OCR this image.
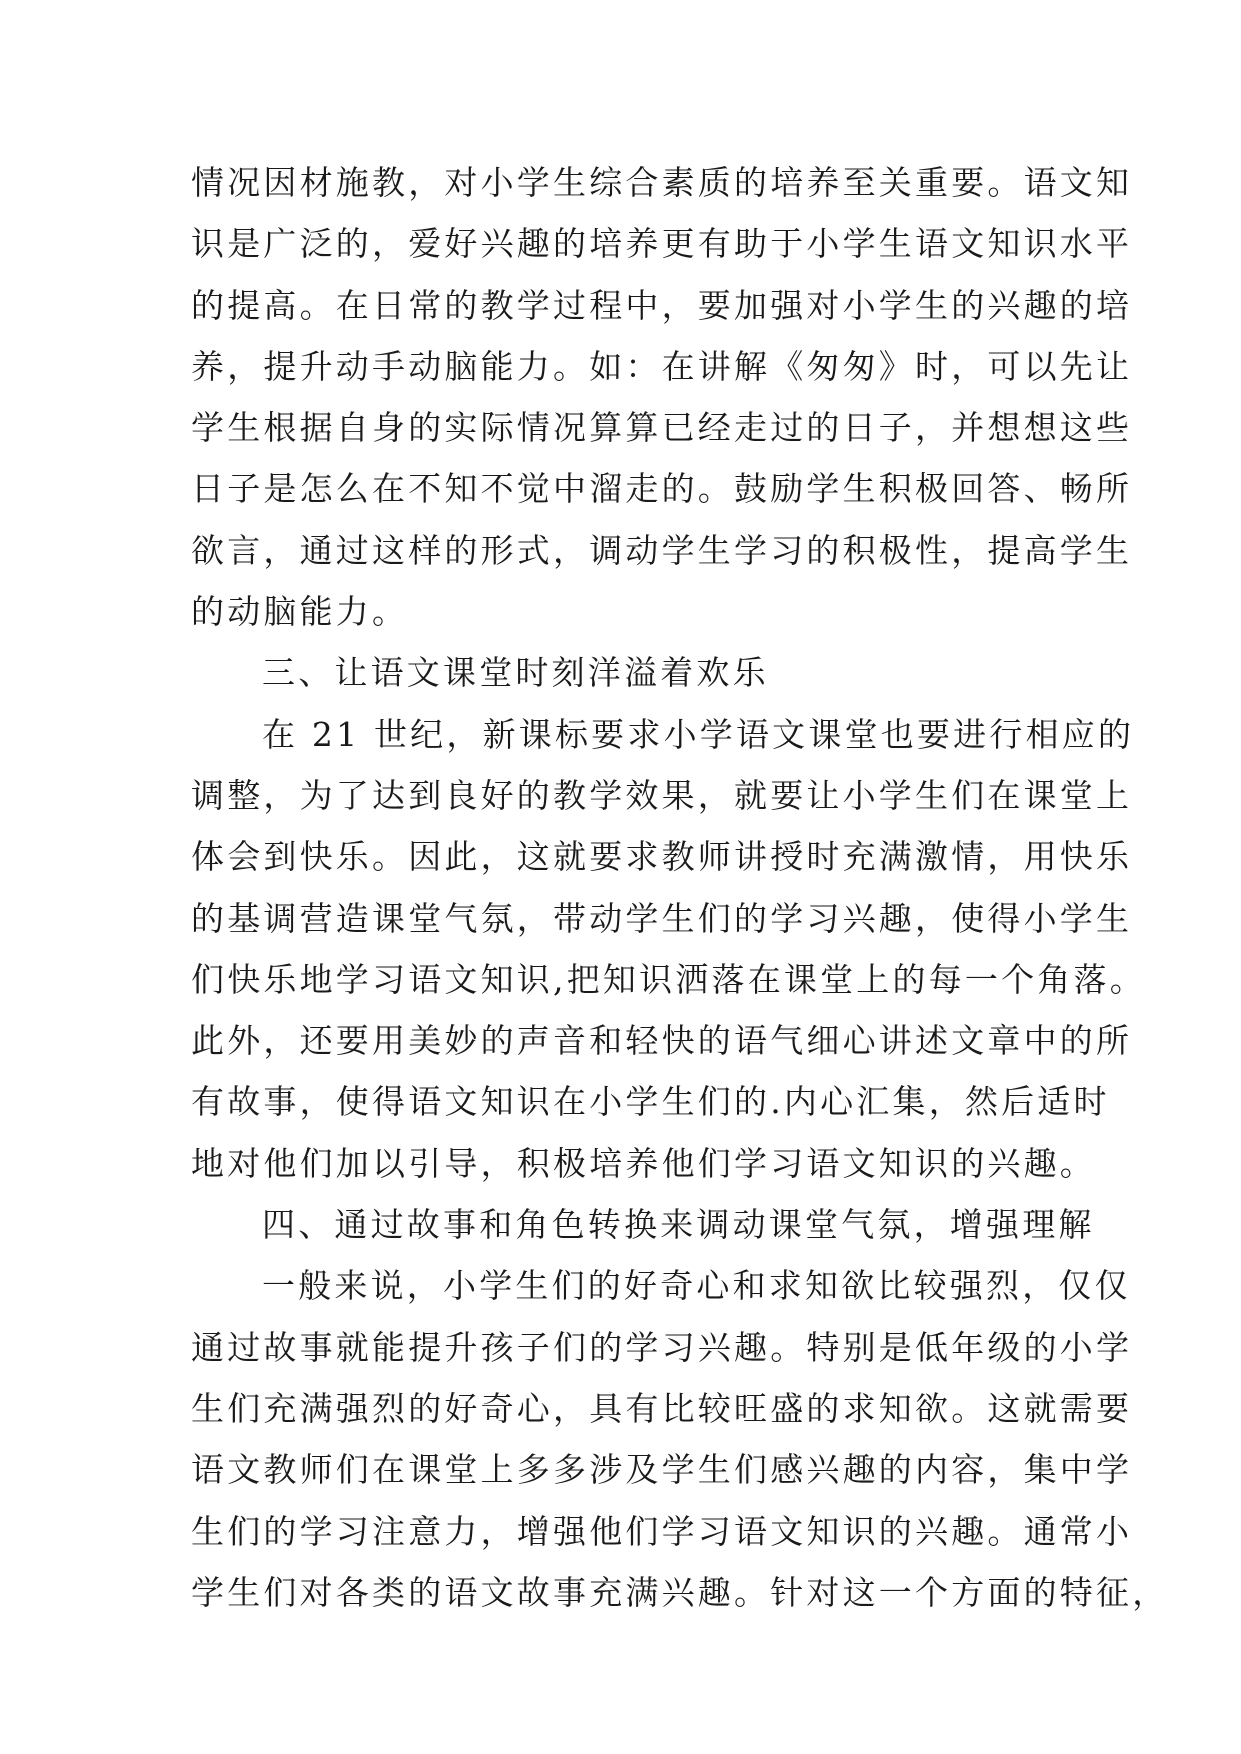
情况因材施教，对小学生综合素质的培养至关重要。语文知
识是广泛的，爱好兴趣的培养更有助于小学生语文知识水平
的提高。在日常的教学过程中，要加强对小学生的兴趣的培
养，提升动手动脑能力。如：在讲解《匆匆》时，可以先让
学生根据自身的实际情况算算已经走过的日子，并想想这些
日子是怎么在不知不觉中溜走的。鼓励学生积极回答、畅所
欲言，通过这样的形式，调动学生学习的积极性，提高学生
的动脑能力。
三、让语文课堂时刻洋溢着欢乐
在 21 世纪，新课标要求小学语文课堂也要进行相应的
调整，为了达到良好的教学效果，就要让小学生们在课堂上
体会到快乐。因此，这就要求教师讲授时充满激情，用快乐
的基调营造课堂气氛，带动学生们的学习兴趣，使得小学生
们快乐地学习语文知识,把知识洒落在课堂上的每一个角落。
此外，还要用美妙的声音和轻快的语气细心讲述文章中的所
有故事，使得语文知识在小学生们的.内心汇集，然后适时
地对他们加以引导，积极培养他们学习语文知识的兴趣。
四、通过故事和角色转换来调动课堂气氛，增强理解
一般来说，小学生们的好奇心和求知欲比较强烈，仅仅
通过故事就能提升孩子们的学习兴趣。特别是低年级的小学
生们充满强烈的好奇心，具有比较旺盛的求知欲。这就需要
语文教师们在课堂上多多涉及学生们感兴趣的内容，集中学
生们的学习注意力，增强他们学习语文知识的兴趣。通常小
学生们对各类的语文故事充满兴趣。针对这一个方面的特征，
